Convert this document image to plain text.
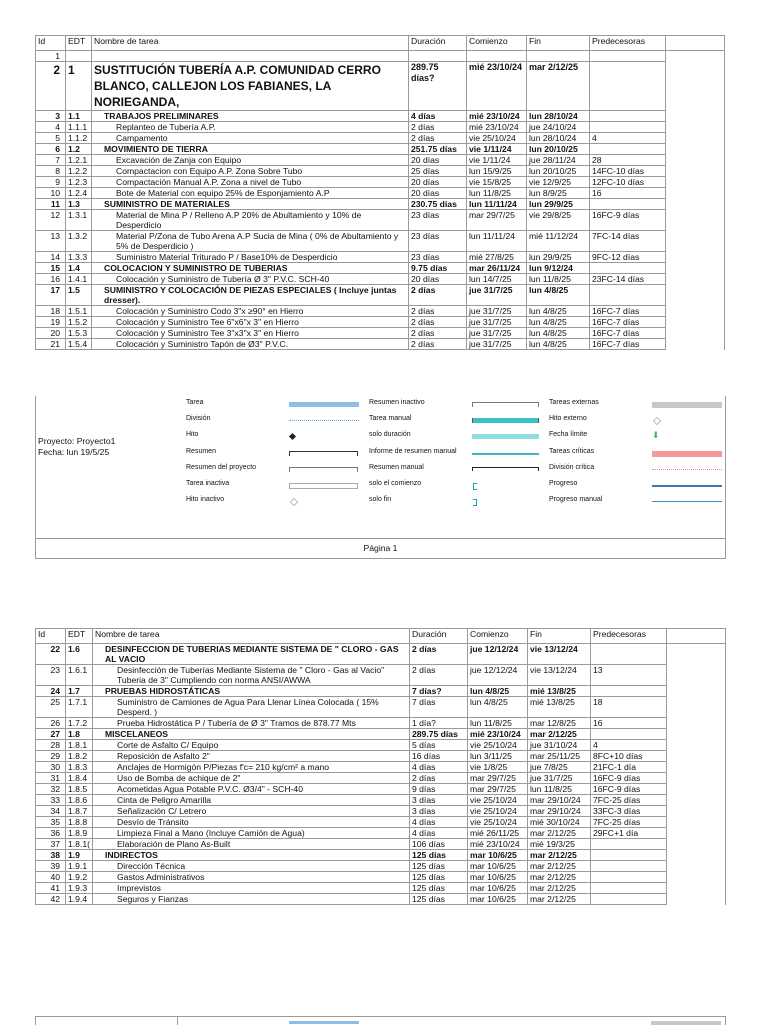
Id	EDT	Nombre de tarea	Duración	Comienzo	Fin	Predecesoras	
1							
2	1	SUSTITUCIÓN TUBERÍA A.P. COMUNIDAD CERRO BLANCO, CALLEJON LOS FABIANES, LA NORIEGANDA,	289.75 días?	mié 23/10/24	mar 2/12/25		
3	1.1	TRABAJOS PRELIMINARES	4 días	mié 23/10/24	lun 28/10/24		
4	1.1.1	Replanteo de Tubería A.P.	2 días	mié 23/10/24	jue 24/10/24		
5	1.1.2	Campamento	2 días	vie 25/10/24	lun 28/10/24	4	
6	1.2	MOVIMIENTO DE TIERRA	251.75 días	vie 1/11/24	lun 20/10/25		
7	1.2.1	Excavación de Zanja con Equipo	20 días	vie 1/11/24	jue 28/11/24	28	
8	1.2.2	Compactacion con Equipo A.P. Zona Sobre Tubo	25 días	lun 15/9/25	lun 20/10/25	14FC-10 días	
9	1.2.3	Compactación Manual A.P. Zona a nivel de Tubo	20 días	vie 15/8/25	vie 12/9/25	12FC-10 días	
10	1.2.4	Bote de Material con equipo 25% de Esponjamiento A.P	20 días	lun 11/8/25	lun 8/9/25	16	
11	1.3	SUMINISTRO DE MATERIALES	230.75 días	lun 11/11/24	lun 29/9/25		
12	1.3.1	Material de Mina P / Relleno A.P 20% de Abultamiento y 10% de Desperdicio	23 días	mar 29/7/25	vie 29/8/25	16FC-9 días	
13	1.3.2	Material P/Zona de Tubo Arena A.P Sucia de Mina ( 0% de Abultamiento y 5% de Desperdicio )	23 días	lun 11/11/24	mié 11/12/24	7FC-14 días	
14	1.3.3	Suministro Material Triturado P / Base10% de Desperdicio	23 días	mié 27/8/25	lun 29/9/25	9FC-12 días	
15	1.4	COLOCACION Y SUMINISTRO DE TUBERIAS	9.75 días	mar 26/11/24	lun 9/12/24		
16	1.4.1	Colocación y Suministro de Tubería Ø 3" P.V.C. SCH-40	20 días	lun 14/7/25	lun 11/8/25	23FC-14 días	
17	1.5	SUMINISTRO Y COLOCACIÓN DE PIEZAS ESPECIALES ( Incluye juntas dresser).	2 días	jue 31/7/25	lun 4/8/25		
18	1.5.1	Colocación y Suministro Codo 3"x ≥90° en Hierro	2 días	jue 31/7/25	lun 4/8/25	16FC-7 días	
19	1.5.2	Colocación y Suministro Tee 6"x6"x 3" en Hierro	2 días	jue 31/7/25	lun 4/8/25	16FC-7 días	
20	1.5.3	Colocación y Suministro Tee 3"x3"x 3" en Hierro	2 días	jue 31/7/25	lun 4/8/25	16FC-7 días	
21	1.5.4	Colocación y Suministro Tapón de Ø3" P.V.C.	2 días	jue 31/7/25	lun 4/8/25	16FC-7 días	
Proyecto: Proyecto1
Fecha: lun 19/5/25
Tarea
División
Hito
Resumen
Resumen del proyecto
Tarea inactiva
Hito inactivo
Resumen inactivo
Tarea manual
solo duración
Informe de resumen manual
Resumen manual
solo el comienzo
solo fin
Tareas externas
Hito externo
Fecha límite	⬇
Tareas críticas
División crítica
Progreso
Progreso manual
Página 1
Id	EDT	Nombre de tarea	Duración	Comienzo	Fin	Predecesoras	
22	1.6	DESINFECCION DE TUBERIAS MEDIANTE SISTEMA DE " CLORO - GAS AL VACIO	2 días	jue 12/12/24	vie 13/12/24		
23	1.6.1	Desinfección de Tuberías Mediante Sistema de " Cloro - Gas al Vacio" Tuberia de 3" Cumpliendo con norma ANSI/AWWA	2 días	jue 12/12/24	vie 13/12/24	13	
24	1.7	PRUEBAS HIDROSTÁTICAS	7 días?	lun 4/8/25	mié 13/8/25		
25	1.7.1	Suministro de Camiones de Agua Para Llenar Línea Colocada ( 15% Desperd. )	7 días	lun 4/8/25	mié 13/8/25	18	
26	1.7.2	Prueba Hidrostática P / Tubería de Ø 3" Tramos de 878.77 Mts	1 día?	lun 11/8/25	mar 12/8/25	16	
27	1.8	MISCELANEOS	289.75 días	mié 23/10/24	mar 2/12/25		
28	1.8.1	Corte de Asfalto C/ Equipo	5 días	vie 25/10/24	jue 31/10/24	4	
29	1.8.2	Reposición de Asfalto 2"	16 días	lun 3/11/25	mar 25/11/25	8FC+10 días	
30	1.8.3	Anclajes de Hormigón P/Piezas f'c= 210 kg/cm² a mano	4 días	vie 1/8/25	jue 7/8/25	21FC-1 día	
31	1.8.4	Uso de Bomba de achique de 2"	2 días	mar 29/7/25	jue 31/7/25	16FC-9 días	
32	1.8.5	Acometidas Agua Potable P.V.C. Ø3/4" - SCH-40	9 días	mar 29/7/25	lun 11/8/25	16FC-9 días	
33	1.8.6	Cinta de Peligro Amarilla	3 días	vie 25/10/24	mar 29/10/24	7FC-25 días	
34	1.8.7	Señalización C/ Letrero	3 días	vie 25/10/24	mar 29/10/24	33FC-3 días	
35	1.8.8	Desvío de Tránsito	4 días	vie 25/10/24	mié 30/10/24	7FC-25 días	
36	1.8.9	Limpieza Final a Mano (Incluye Camión de Agua)	4 días	mié 26/11/25	mar 2/12/25	29FC+1 día	
37	1.8.1(	Elaboración de Plano As-Built	106 días	mié 23/10/24	mié 19/3/25		
38	1.9	INDIRECTOS	125 días	mar 10/6/25	mar 2/12/25		
39	1.9.1	Dirección Técnica	125 días	mar 10/6/25	mar 2/12/25		
40	1.9.2	Gastos Administrativos	125 días	mar 10/6/25	mar 2/12/25		
41	1.9.3	Imprevistos	125 días	mar 10/6/25	mar 2/12/25		
42	1.9.4	Seguros y Fianzas	125 días	mar 10/6/25	mar 2/12/25		
